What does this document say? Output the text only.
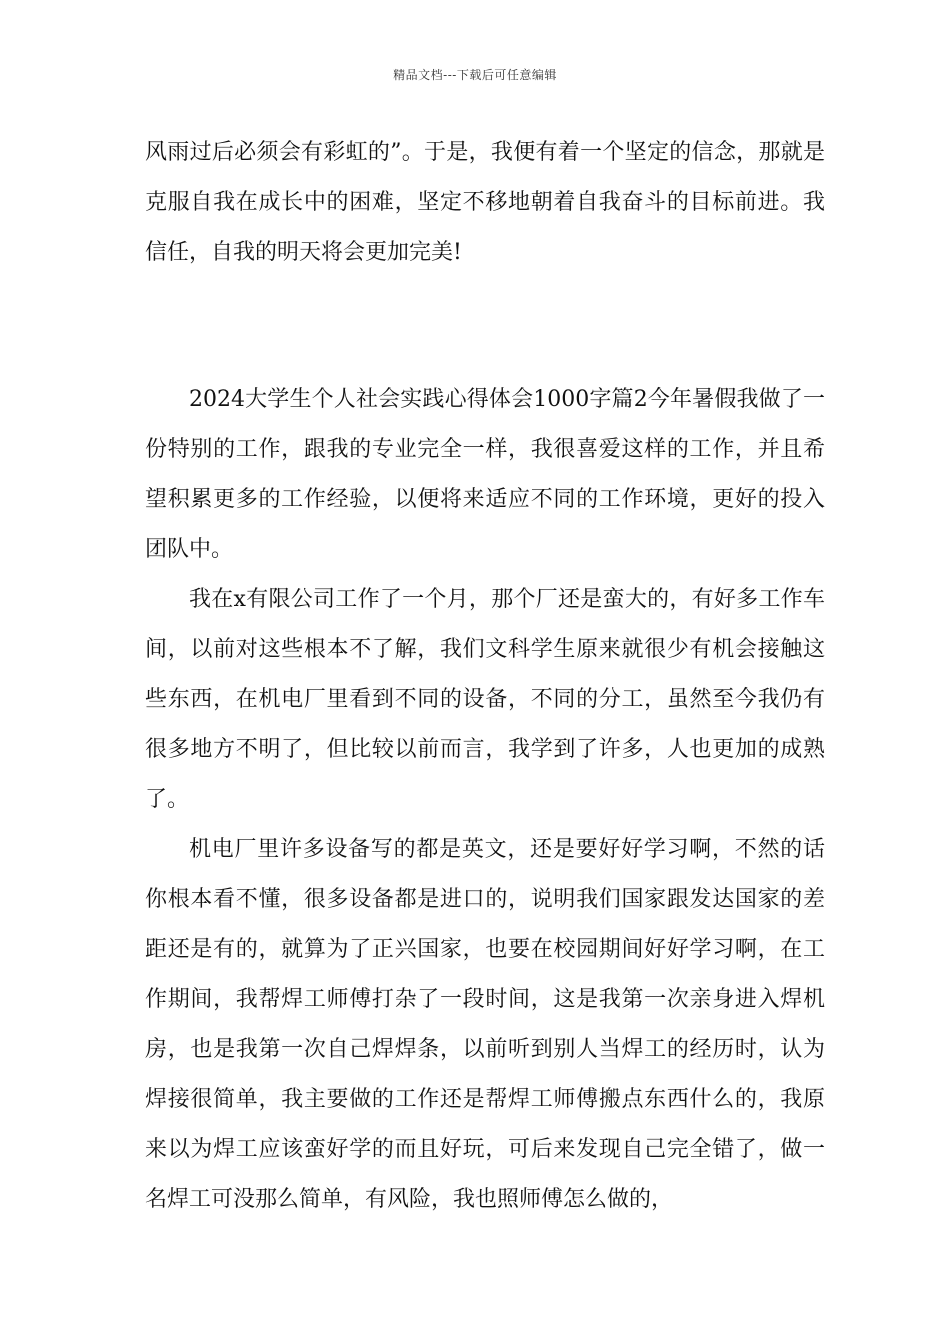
精品文档---下载后可任意编辑

风雨过后必须会有彩虹的”。于是，我便有着一个坚定的信念，那就是克服自我在成长中的困难，坚定不移地朝着自我奋斗的目标前进。我信任，自我的明天将会更加完美!

2024大学生个人社会实践心得体会1000字篇2今年暑假我做了一份特别的工作，跟我的专业完全一样，我很喜爱这样的工作，并且希望积累更多的工作经验，以便将来适应不同的工作环境，更好的投入团队中。

我在x有限公司工作了一个月，那个厂还是蛮大的，有好多工作车间，以前对这些根本不了解，我们文科学生原来就很少有机会接触这些东西，在机电厂里看到不同的设备，不同的分工，虽然至今我仍有很多地方不明了，但比较以前而言，我学到了许多，人也更加的成熟了。

机电厂里许多设备写的都是英文，还是要好好学习啊，不然的话你根本看不懂，很多设备都是进口的，说明我们国家跟发达国家的差距还是有的，就算为了正兴国家，也要在校园期间好好学习啊，在工作期间，我帮焊工师傅打杂了一段时间，这是我第一次亲身进入焊机房，也是我第一次自己焊焊条，以前听到别人当焊工的经历时，认为焊接很简单，我主要做的工作还是帮焊工师傅搬点东西什么的，我原来以为焊工应该蛮好学的而且好玩，可后来发现自己完全错了，做一名焊工可没那么简单，有风险，我也照师傅怎么做的，
